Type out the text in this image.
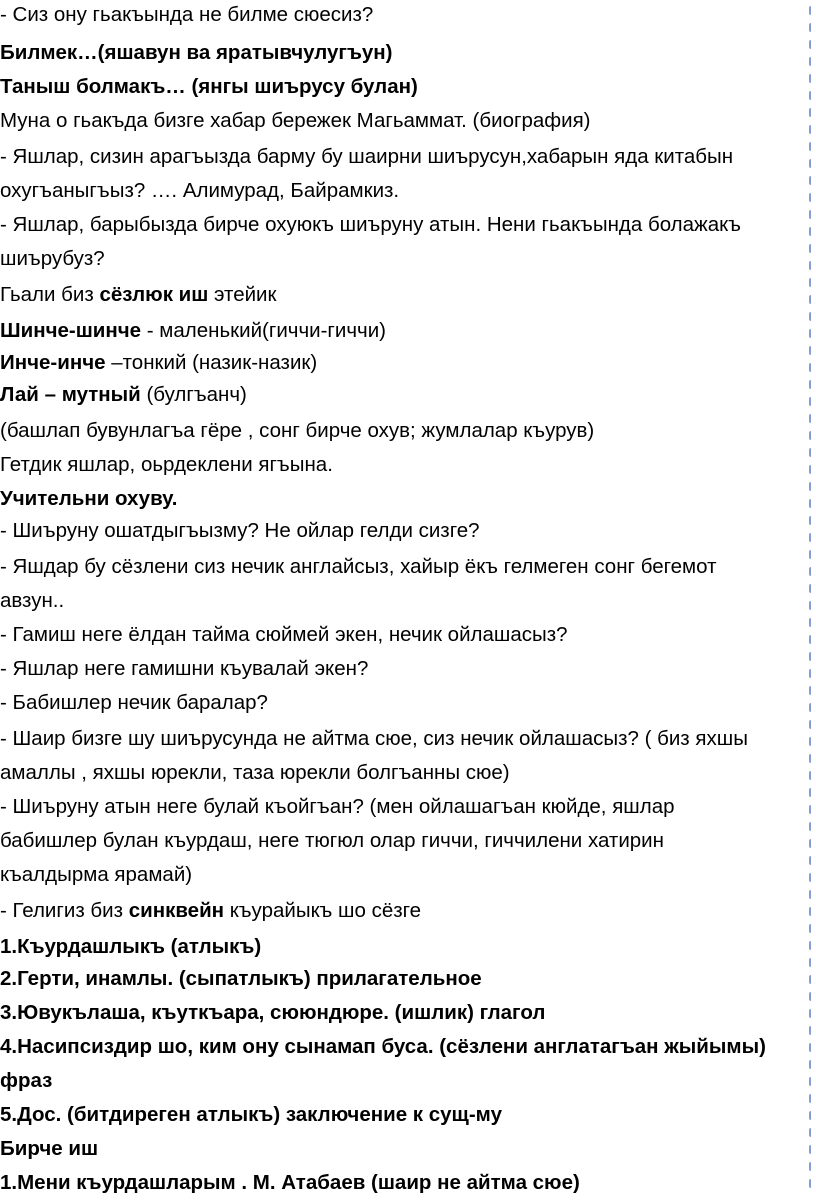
- Сиз ону гьакъында не билме сюесиз?
Билмек…(яшавун ва яратывчулугъун)
Таныш болмакъ… (янгы шиърусу булан)
Муна о гьакъда бизге хабар бережек Магьаммат. (биография)
- Яшлар, сизин арагъызда барму бу шаирни шиърусун,хабарын яда китабын
охугъаныгъыз? …. Алимурад, Байрамкиз.
- Яшлар, барыбызда бирче охуюкъ шиъруну атын. Нени гьакъында болажакъ
шиърубуз?
Гьали биз сёзлюк иш этейик
Шинче-шинче - маленький(гиччи-гиччи)
Инче-инче –тонкий (назик-назик)
Лай – мутный (булгъанч)
(башлап бувунлагъа гёре , сонг бирче охув; жумлалар къурув)
Гетдик яшлар, оьрдеклени ягъына.
Учительни охуву.
- Шиъруну ошатдыгъызму? Не ойлар гелди сизге?
- Яшдар бу сёзлени сиз нечик англайсыз, хайыр ёкъ гелмеген сонг бегемот
авзун..
- Гамиш неге ёлдан тайма сюймей экен, нечик ойлашасыз?
- Яшлар неге гамишни къувалай экен?
- Бабишлер нечик баралар?
- Шаир бизге шу шиърусунда не айтма сюе, сиз нечик ойлашасыз? ( биз яхшы
амаллы , яхшы юрекли, таза юрекли болгъанны сюе)
- Шиъруну атын неге булай къойгъан? (мен ойлашагъан кюйде, яшлар
бабишлер булан къурдаш, неге тюгюл олар гиччи, гиччилени хатирин
къалдырма ярамай)
- Гелигиз биз синквейн къурайыкъ шо сёзге
1.Къурдашлыкъ (атлыкъ)
2.Герти, инамлы. (сыпатлыкъ) прилагательное
3.Ювукълаша, къуткъара, сююндюре. (ишлик) глагол
4.Насипсиздир шо, ким ону сынамап буса. (сёзлени англатагъан жыйымы)
фраз
5.Дос. (битдиреген атлыкъ) заключение к сущ-му
Бирче иш
1.Мени къурдашларым . М. Атабаев (шаир не айтма сюе)
